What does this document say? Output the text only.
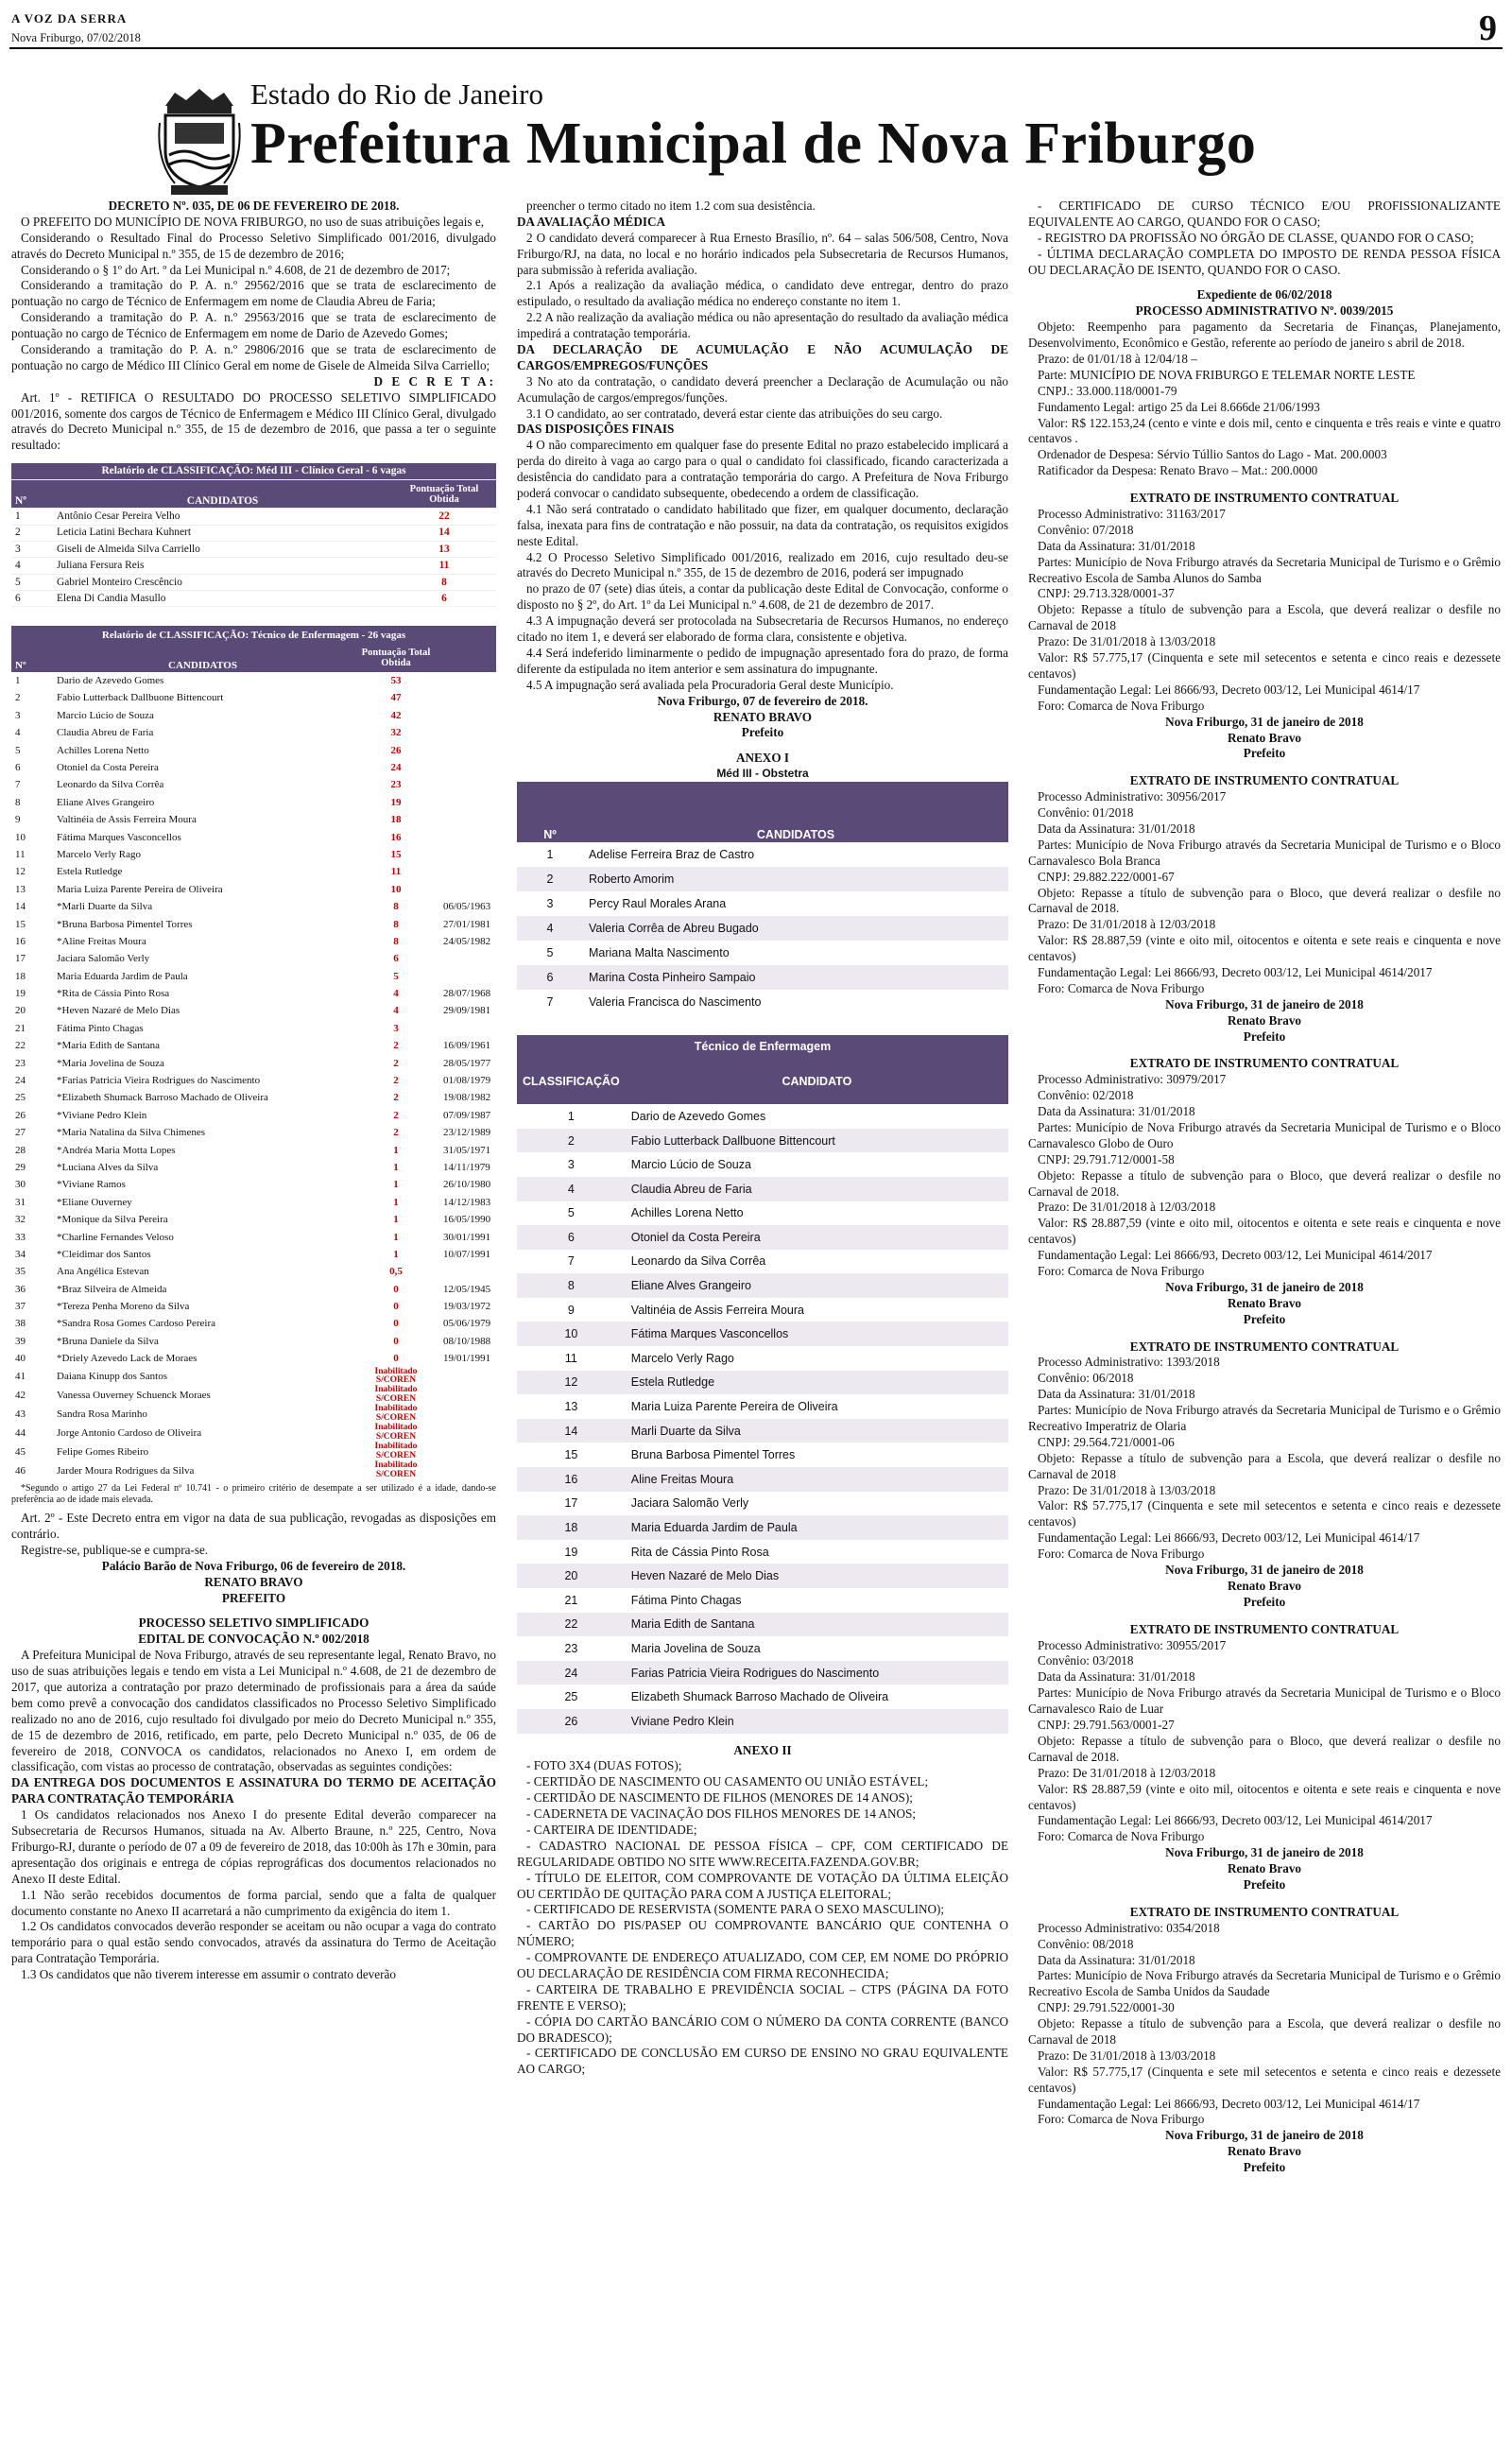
A VOZ DA SERRA
Nova Friburgo, 07/02/2018	9
Estado do Rio de Janeiro
Prefeitura Municipal de Nova Friburgo

DECRETO Nº. 035, DE 06 DE FEVEREIRO DE 2018.

O PREFEITO DO MUNICÍPIO DE NOVA FRIBURGO, no uso de suas atribuições legais e,

Considerando o Resultado Final do Processo Seletivo Simplificado 001/2016, divulgado através do Decreto Municipal n.º 355, de 15 de dezembro de 2016;

Considerando o § 1º do Art. º da Lei Municipal n.º 4.608, de 21 de dezembro de 2017;

Considerando a tramitação do P. A. n.º 29562/2016 que se trata de esclarecimento de pontuação no cargo de Técnico de Enfermagem em nome de Claudia Abreu de Faria;

Considerando a tramitação do P. A. n.º 29563/2016 que se trata de esclarecimento de pontuação no cargo de Técnico de Enfermagem em nome de Dario de Azevedo Gomes;

Considerando a tramitação do P. A. n.º 29806/2016 que se trata de esclarecimento de pontuação no cargo de Médico III Clínico Geral em nome de Gisele de Almeida Silva Carriello;

D E C R E T A:

Art. 1º - RETIFICA O RESULTADO DO PROCESSO SELETIVO SIMPLIFICADO 001/2016, somente dos cargos de Técnico de Enfermagem e Médico III Clínico Geral, divulgado através do Decreto Municipal n.º 355, de 15 de dezembro de 2016, que passa a ter o seguinte resultado:

Relatório de CLASSIFICAÇÃO: Méd III - Clínico Geral - 6 vagas		
Nº	CANDIDATOS	Pontuação Total Obtida
1	Antônio Cesar Pereira Velho	22
2	Leticia Latini Bechara Kuhnert	14
3	Giseli de Almeida Silva Carriello	13
4	Juliana Fersura Reis	11
5	Gabriel Monteiro Crescêncio	8
6	Elena Di Candia Masullo	6
Relatório de CLASSIFICAÇÃO: Técnico de Enfermagem - 26 vagas			
Nº	CANDIDATOS	Pontuação Total Obtida	
1	Dario de Azevedo Gomes	53	
2	Fabio Lutterback Dallbuone Bittencourt	47	
3	Marcio Lúcio de Souza	42	
4	Claudia Abreu de Faria	32	
5	Achilles Lorena Netto	26	
6	Otoniel da Costa Pereira	24	
7	Leonardo da Silva Corrêa	23	
8	Eliane Alves Grangeiro	19	
9	Valtinéia de Assis Ferreira Moura	18	
10	Fátima Marques Vasconcellos	16	
11	Marcelo Verly Rago	15	
12	Estela Rutledge	11	
13	Maria Luiza Parente Pereira de Oliveira	10	
14	*Marli Duarte da Silva	8	06/05/1963
15	*Bruna Barbosa Pimentel Torres	8	27/01/1981
16	*Aline Freitas Moura	8	24/05/1982
17	Jaciara Salomão Verly	6	
18	Maria Eduarda Jardim de Paula	5	
19	*Rita de Cássia Pinto Rosa	4	28/07/1968
20	*Heven Nazaré de Melo Dias	4	29/09/1981
21	Fátima Pinto Chagas	3	
22	*Maria Edith de Santana	2	16/09/1961
23	*Maria Jovelina de Souza	2	28/05/1977
24	*Farias Patricia Vieira Rodrigues do Nascimento	2	01/08/1979
25	*Elizabeth Shumack Barroso Machado de Oliveira	2	19/08/1982
26	*Viviane Pedro Klein	2	07/09/1987
27	*Maria Natalina da Silva Chimenes	2	23/12/1989
28	*Andréa Maria Motta Lopes	1	31/05/1971
29	*Luciana Alves da Silva	1	14/11/1979
30	*Viviane Ramos	1	26/10/1980
31	*Eliane Ouverney	1	14/12/1983
32	*Monique da Silva Pereira	1	16/05/1990
33	*Charline Fernandes Veloso	1	30/01/1991
34	*Cleidimar dos Santos	1	10/07/1991
35	Ana Angélica Estevan	0,5	
36	*Braz Silveira de Almeida	0	12/05/1945
37	*Tereza Penha Moreno da Silva	0	19/03/1972
38	*Sandra Rosa Gomes Cardoso Pereira	0	05/06/1979
39	*Bruna Daniele da Silva	0	08/10/1988
40	*Driely Azevedo Lack de Moraes	0	19/01/1991
41	Daiana Kinupp dos Santos	Inabilitado S/COREN	
42	Vanessa Ouverney Schuenck Moraes	Inabilitado S/COREN	
43	Sandra Rosa Marinho	Inabilitado S/COREN	
44	Jorge Antonio Cardoso de Oliveira	Inabilitado S/COREN	
45	Felipe Gomes Ribeiro	Inabilitado S/COREN	
46	Jarder Moura Rodrigues da Silva	Inabilitado S/COREN	

*Segundo o artigo 27 da Lei Federal nº 10.741 - o primeiro critério de desempate a ser utilizado é a idade, dando-se preferência ao de idade mais elevada.

Art. 2º - Este Decreto entra em vigor na data de sua publicação, revogadas as disposições em contrário.

Registre-se, publique-se e cumpra-se.

Palácio Barão de Nova Friburgo, 06 de fevereiro de 2018.

RENATO BRAVO

PREFEITO

PROCESSO SELETIVO SIMPLIFICADO

EDITAL DE CONVOCAÇÃO N.º 002/2018

A Prefeitura Municipal de Nova Friburgo, através de seu representante legal, Renato Bravo, no uso de suas atribuições legais e tendo em vista a Lei Municipal n.º 4.608, de 21 de dezembro de 2017, que autoriza a contratação por prazo determinado de profissionais para a área da saúde bem como prevê a convocação dos candidatos classificados no Processo Seletivo Simplificado realizado no ano de 2016, cujo resultado foi divulgado por meio do Decreto Municipal n.º 355, de 15 de dezembro de 2016, retificado, em parte, pelo Decreto Municipal n.º 035, de 06 de fevereiro de 2018, CONVOCA os candidatos, relacionados no Anexo I, em ordem de classificação, com vistas ao processo de contratação, observadas as seguintes condições:

DA ENTREGA DOS DOCUMENTOS E ASSINATURA DO TERMO DE ACEITAÇÃO PARA CONTRATAÇÃO TEMPORÁRIA

1 Os candidatos relacionados nos Anexo I do presente Edital deverão comparecer na Subsecretaria de Recursos Humanos, situada na Av. Alberto Braune, n.º 225, Centro, Nova Friburgo-RJ, durante o período de 07 a 09 de fevereiro de 2018, das 10:00h às 17h e 30min, para apresentação dos originais e entrega de cópias reprográficas dos documentos relacionados no Anexo II deste Edital.

1.1 Não serão recebidos documentos de forma parcial, sendo que a falta de qualquer documento constante no Anexo II acarretará a não cumprimento da exigência do item 1.

1.2 Os candidatos convocados deverão responder se aceitam ou não ocupar a vaga do contrato temporário para o qual estão sendo convocados, através da assinatura do Termo de Aceitação para Contratação Temporária.

1.3 Os candidatos que não tiverem interesse em assumir o contrato deverão

preencher o termo citado no item 1.2 com sua desistência.

DA AVALIAÇÃO MÉDICA

2 O candidato deverá comparecer à Rua Ernesto Brasílio, nº. 64 – salas 506/508, Centro, Nova Friburgo/RJ, na data, no local e no horário indicados pela Subsecretaria de Recursos Humanos, para submissão à referida avaliação.

2.1 Após a realização da avaliação médica, o candidato deve entregar, dentro do prazo estipulado, o resultado da avaliação médica no endereço constante no item 1.

2.2 A não realização da avaliação médica ou não apresentação do resultado da avaliação médica impedirá a contratação temporária.

DA DECLARAÇÃO DE ACUMULAÇÃO E NÃO ACUMULAÇÃO DE CARGOS/EMPREGOS/FUNÇÕES

3 No ato da contratação, o candidato deverá preencher a Declaração de Acumulação ou não Acumulação de cargos/empregos/funções.

3.1 O candidato, ao ser contratado, deverá estar ciente das atribuições do seu cargo.

DAS DISPOSIÇÕES FINAIS

4 O não comparecimento em qualquer fase do presente Edital no prazo estabelecido implicará a perda do direito à vaga ao cargo para o qual o candidato foi classificado, ficando caracterizada a desistência do candidato para a contratação temporária do cargo. A Prefeitura de Nova Friburgo poderá convocar o candidato subsequente, obedecendo a ordem de classificação.

4.1 Não será contratado o candidato habilitado que fizer, em qualquer documento, declaração falsa, inexata para fins de contratação e não possuir, na data da contratação, os requisitos exigidos neste Edital.

4.2 O Processo Seletivo Simplificado 001/2016, realizado em 2016, cujo resultado deu-se através do Decreto Municipal n.º 355, de 15 de dezembro de 2016, poderá ser impugnado

no prazo de 07 (sete) dias úteis, a contar da publicação deste Edital de Convocação, conforme o disposto no § 2º, do Art. 1º da Lei Municipal n.º 4.608, de 21 de dezembro de 2017.

4.3 A impugnação deverá ser protocolada na Subsecretaria de Recursos Humanos, no endereço citado no item 1, e deverá ser elaborado de forma clara, consistente e objetiva.

4.4 Será indeferido liminarmente o pedido de impugnação apresentado fora do prazo, de forma diferente da estipulada no item anterior e sem assinatura do impugnante.

4.5 A impugnação será avaliada pela Procuradoria Geral deste Município.

Nova Friburgo, 07 de fevereiro de 2018.

RENATO BRAVO

Prefeito

ANEXO I

Méd III - Obstetra

Nº	CANDIDATOS
1	Adelise Ferreira Braz de Castro
2	Roberto Amorim
3	Percy Raul Morales Arana
4	Valeria Corrêa de Abreu Bugado
5	Mariana Malta Nascimento
6	Marina Costa Pinheiro Sampaio
7	Valeria Francisca do Nascimento
Técnico de Enfermagem	
CLASSIFICAÇÃO	CANDIDATO
1	Dario de Azevedo Gomes
2	Fabio Lutterback Dallbuone Bittencourt
3	Marcio Lúcio de Souza
4	Claudia Abreu de Faria
5	Achilles Lorena Netto
6	Otoniel da Costa Pereira
7	Leonardo da Silva Corrêa
8	Eliane Alves Grangeiro
9	Valtinéia de Assis Ferreira Moura
10	Fátima Marques Vasconcellos
11	Marcelo Verly Rago
12	Estela Rutledge
13	Maria Luiza Parente Pereira de Oliveira
14	Marli Duarte da Silva
15	Bruna Barbosa Pimentel Torres
16	Aline Freitas Moura
17	Jaciara Salomão Verly
18	Maria Eduarda Jardim de Paula
19	Rita de Cássia Pinto Rosa
20	Heven Nazaré de Melo Dias
21	Fátima Pinto Chagas
22	Maria Edith de Santana
23	Maria Jovelina de Souza
24	Farias Patricia Vieira Rodrigues do Nascimento
25	Elizabeth Shumack Barroso Machado de Oliveira
26	Viviane Pedro Klein

ANEXO II

- FOTO 3X4 (DUAS FOTOS);

- CERTIDÃO DE NASCIMENTO OU CASAMENTO OU UNIÃO ESTÁVEL;

- CERTIDÃO DE NASCIMENTO DE FILHOS (MENORES DE 14 ANOS);

- CADERNETA DE VACINAÇÃO DOS FILHOS MENORES DE 14 ANOS;

- CARTEIRA DE IDENTIDADE;

- CADASTRO NACIONAL DE PESSOA FÍSICA – CPF, COM CERTIFICADO DE REGULARIDADE OBTIDO NO SITE WWW.RECEITA.FAZENDA.GOV.BR;

- TÍTULO DE ELEITOR, COM COMPROVANTE DE VOTAÇÃO DA ÚLTIMA ELEIÇÃO OU CERTIDÃO DE QUITAÇÃO PARA COM A JUSTIÇA ELEITORAL;

- CERTIFICADO DE RESERVISTA (SOMENTE PARA O SEXO MASCULINO);

- CARTÃO DO PIS/PASEP OU COMPROVANTE BANCÁRIO QUE CONTENHA O NÚMERO;

- COMPROVANTE DE ENDEREÇO ATUALIZADO, COM CEP, EM NOME DO PRÓPRIO OU DECLARAÇÃO DE RESIDÊNCIA COM FIRMA RECONHECIDA;

- CARTEIRA DE TRABALHO E PREVIDÊNCIA SOCIAL – CTPS (PÁGINA DA FOTO FRENTE E VERSO);

- CÓPIA DO CARTÃO BANCÁRIO COM O NÚMERO DA CONTA CORRENTE (BANCO DO BRADESCO);

- CERTIFICADO DE CONCLUSÃO EM CURSO DE ENSINO NO GRAU EQUIVALENTE AO CARGO;

- CERTIFICADO DE CURSO TÉCNICO E/OU PROFISSIONALIZANTE EQUIVALENTE AO CARGO, QUANDO FOR O CASO;

- REGISTRO DA PROFISSÃO NO ÓRGÃO DE CLASSE, QUANDO FOR O CASO;

- ÚLTIMA DECLARAÇÃO COMPLETA DO IMPOSTO DE RENDA PESSOA FÍSICA OU DECLARAÇÃO DE ISENTO, QUANDO FOR O CASO.

Expediente de 06/02/2018

PROCESSO ADMINISTRATIVO Nº. 0039/2015

Objeto: Reempenho para pagamento da Secretaria de Finanças, Planejamento, Desenvolvimento, Econômico e Gestão, referente ao período de janeiro s abril de 2018.

Prazo: de 01/01/18 à 12/04/18 –

Parte: MUNICÍPIO DE NOVA FRIBURGO E TELEMAR NORTE LESTE

CNPJ.: 33.000.118/0001-79

Fundamento Legal: artigo 25 da Lei 8.666de 21/06/1993

Valor: R$ 122.153,24 (cento e vinte e dois mil, cento e cinquenta e três reais e vinte e quatro centavos .

Ordenador de Despesa: Sérvio Túllio Santos do Lago - Mat. 200.0003

Ratificador da Despesa: Renato Bravo – Mat.: 200.0000

EXTRATO DE INSTRUMENTO CONTRATUAL

Processo Administrativo: 31163/2017

Convênio: 07/2018

Data da Assinatura: 31/01/2018

Partes: Município de Nova Friburgo através da Secretaria Municipal de Turismo e o Grêmio Recreativo Escola de Samba Alunos do Samba

CNPJ: 29.713.328/0001-37

Objeto: Repasse a título de subvenção para a Escola, que deverá realizar o desfile no Carnaval de 2018

Prazo: De 31/01/2018 à 13/03/2018

Valor: R$ 57.775,17 (Cinquenta e sete mil setecentos e setenta e cinco reais e dezessete centavos)

Fundamentação Legal: Lei 8666/93, Decreto 003/12, Lei Municipal 4614/17

Foro: Comarca de Nova Friburgo

Nova Friburgo, 31 de janeiro de 2018

Renato Bravo

Prefeito

EXTRATO DE INSTRUMENTO CONTRATUAL

Processo Administrativo: 30956/2017

Convênio: 01/2018

Data da Assinatura: 31/01/2018

Partes: Município de Nova Friburgo através da Secretaria Municipal de Turismo e o Bloco Carnavalesco Bola Branca

CNPJ: 29.882.222/0001-67

Objeto: Repasse a título de subvenção para o Bloco, que deverá realizar o desfile no Carnaval de 2018.

Prazo: De 31/01/2018 à 12/03/2018

Valor: R$ 28.887,59 (vinte e oito mil, oitocentos e oitenta e sete reais e cinquenta e nove centavos)

Fundamentação Legal: Lei 8666/93, Decreto 003/12, Lei Municipal 4614/2017

Foro: Comarca de Nova Friburgo

Nova Friburgo, 31 de janeiro de 2018

Renato Bravo

Prefeito

EXTRATO DE INSTRUMENTO CONTRATUAL

Processo Administrativo: 30979/2017

Convênio: 02/2018

Data da Assinatura: 31/01/2018

Partes: Município de Nova Friburgo através da Secretaria Municipal de Turismo e o Bloco Carnavalesco Globo de Ouro

CNPJ: 29.791.712/0001-58

Objeto: Repasse a título de subvenção para o Bloco, que deverá realizar o desfile no Carnaval de 2018.

Prazo: De 31/01/2018 à 12/03/2018

Valor: R$ 28.887,59 (vinte e oito mil, oitocentos e oitenta e sete reais e cinquenta e nove centavos)

Fundamentação Legal: Lei 8666/93, Decreto 003/12, Lei Municipal 4614/2017

Foro: Comarca de Nova Friburgo

Nova Friburgo, 31 de janeiro de 2018

Renato Bravo

Prefeito

EXTRATO DE INSTRUMENTO CONTRATUAL

Processo Administrativo: 1393/2018

Convênio: 06/2018

Data da Assinatura: 31/01/2018

Partes: Município de Nova Friburgo através da Secretaria Municipal de Turismo e o Grêmio Recreativo Imperatriz de Olaria

CNPJ: 29.564.721/0001-06

Objeto: Repasse a título de subvenção para a Escola, que deverá realizar o desfile no Carnaval de 2018

Prazo: De 31/01/2018 à 13/03/2018

Valor: R$ 57.775,17 (Cinquenta e sete mil setecentos e setenta e cinco reais e dezessete centavos)

Fundamentação Legal: Lei 8666/93, Decreto 003/12, Lei Municipal 4614/17

Foro: Comarca de Nova Friburgo

Nova Friburgo, 31 de janeiro de 2018

Renato Bravo

Prefeito

EXTRATO DE INSTRUMENTO CONTRATUAL

Processo Administrativo: 30955/2017

Convênio: 03/2018

Data da Assinatura: 31/01/2018

Partes: Município de Nova Friburgo através da Secretaria Municipal de Turismo e o Bloco Carnavalesco Raio de Luar

CNPJ: 29.791.563/0001-27

Objeto: Repasse a título de subvenção para o Bloco, que deverá realizar o desfile no Carnaval de 2018.

Prazo: De 31/01/2018 à 12/03/2018

Valor: R$ 28.887,59 (vinte e oito mil, oitocentos e oitenta e sete reais e cinquenta e nove centavos)

Fundamentação Legal: Lei 8666/93, Decreto 003/12, Lei Municipal 4614/2017

Foro: Comarca de Nova Friburgo

Nova Friburgo, 31 de janeiro de 2018

Renato Bravo

Prefeito

EXTRATO DE INSTRUMENTO CONTRATUAL

Processo Administrativo: 0354/2018

Convênio: 08/2018

Data da Assinatura: 31/01/2018

Partes: Município de Nova Friburgo através da Secretaria Municipal de Turismo e o Grêmio Recreativo Escola de Samba Unidos da Saudade

CNPJ: 29.791.522/0001-30

Objeto: Repasse a título de subvenção para a Escola, que deverá realizar o desfile no Carnaval de 2018

Prazo: De 31/01/2018 à 13/03/2018

Valor: R$ 57.775,17 (Cinquenta e sete mil setecentos e setenta e cinco reais e dezessete centavos)

Fundamentação Legal: Lei 8666/93, Decreto 003/12, Lei Municipal 4614/17

Foro: Comarca de Nova Friburgo

Nova Friburgo, 31 de janeiro de 2018

Renato Bravo

Prefeito
